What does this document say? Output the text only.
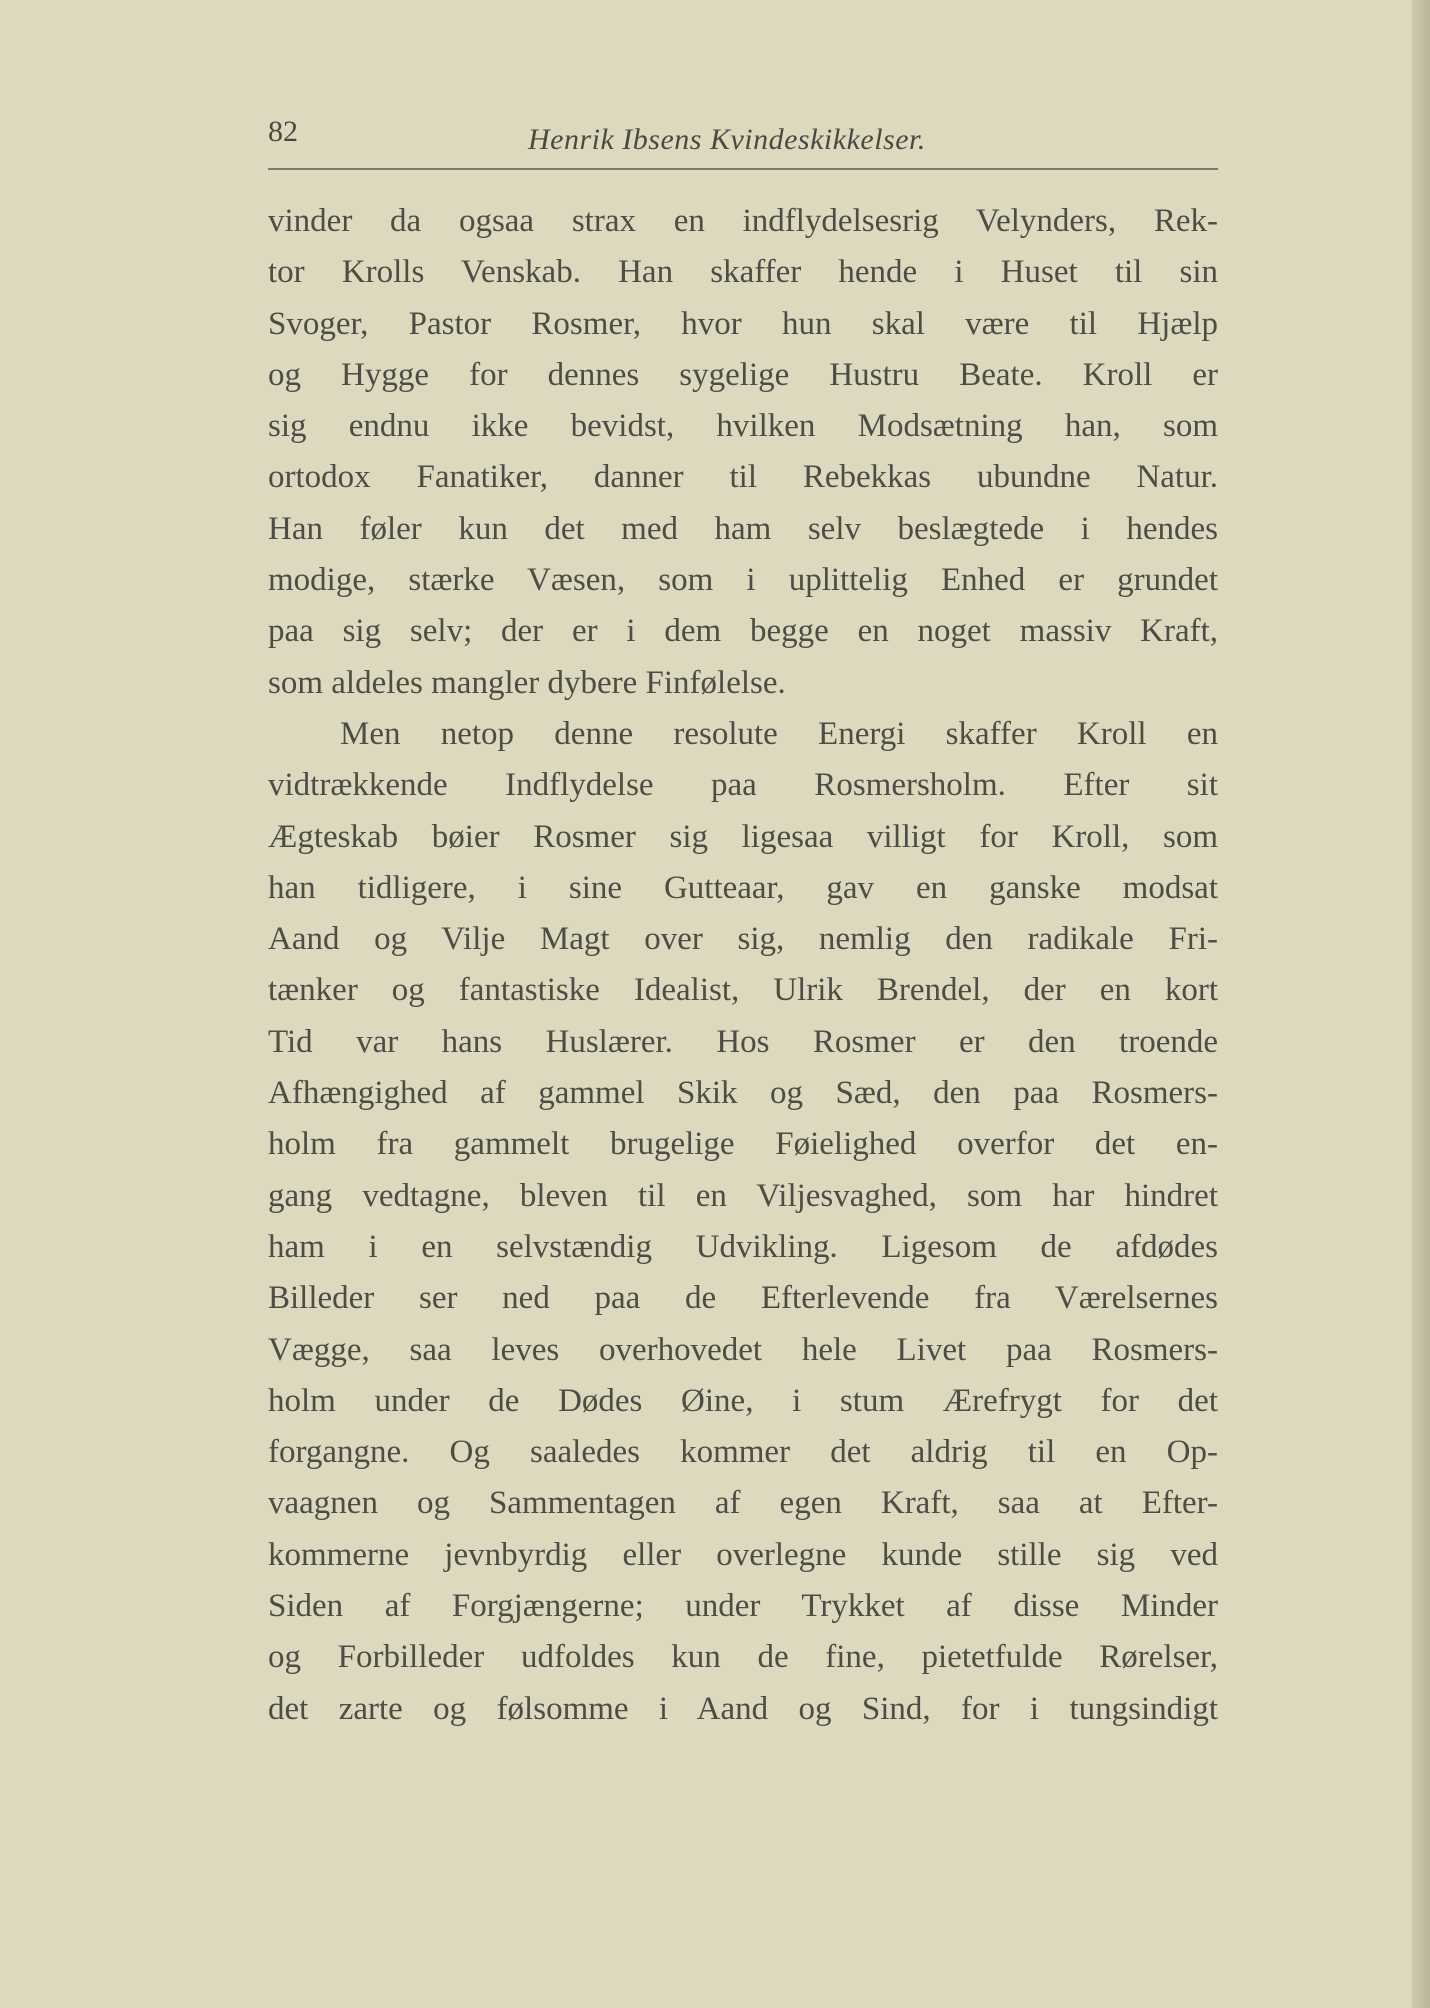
82	Henrik Ibsens Kvindeskikkelser.
vinder da ogsaa strax en indflydelsesrig Velynders, Rek-
tor Krolls Venskab. Han skaffer hende i Huset til sin
Svoger, Pastor Rosmer, hvor hun skal være til Hjælp
og Hygge for dennes sygelige Hustru Beate. Kroll er
sig endnu ikke bevidst, hvilken Modsætning han, som
ortodox Fanatiker, danner til Rebekkas ubundne Natur.
Han føler kun det med ham selv beslægtede i hendes
modige, stærke Væsen, som i uplittelig Enhed er grundet
paa sig selv; der er i dem begge en noget massiv Kraft,
som aldeles mangler dybere Finfølelse.
Men netop denne resolute Energi skaffer Kroll en
vidtrækkende Indflydelse paa Rosmersholm. Efter sit
Ægteskab bøier Rosmer sig ligesaa villigt for Kroll, som
han tidligere, i sine Gutteaar, gav en ganske modsat
Aand og Vilje Magt over sig, nemlig den radikale Fri-
tænker og fantastiske Idealist, Ulrik Brendel, der en kort
Tid var hans Huslærer. Hos Rosmer er den troende
Afhængighed af gammel Skik og Sæd, den paa Rosmers-
holm fra gammelt brugelige Føielighed overfor det en-
gang vedtagne, bleven til en Viljesvaghed, som har hindret
ham i en selvstændig Udvikling. Ligesom de afdødes
Billeder ser ned paa de Efterlevende fra Værelsernes
Vægge, saa leves overhovedet hele Livet paa Rosmers-
holm under de Dødes Øine, i stum Ærefrygt for det
forgangne. Og saaledes kommer det aldrig til en Op-
vaagnen og Sammentagen af egen Kraft, saa at Efter-
kommerne jevnbyrdig eller overlegne kunde stille sig ved
Siden af Forgjængerne; under Trykket af disse Minder
og Forbilleder udfoldes kun de fine, pietetfulde Rørelser,
det zarte og følsomme i Aand og Sind, for i tungsindigt
